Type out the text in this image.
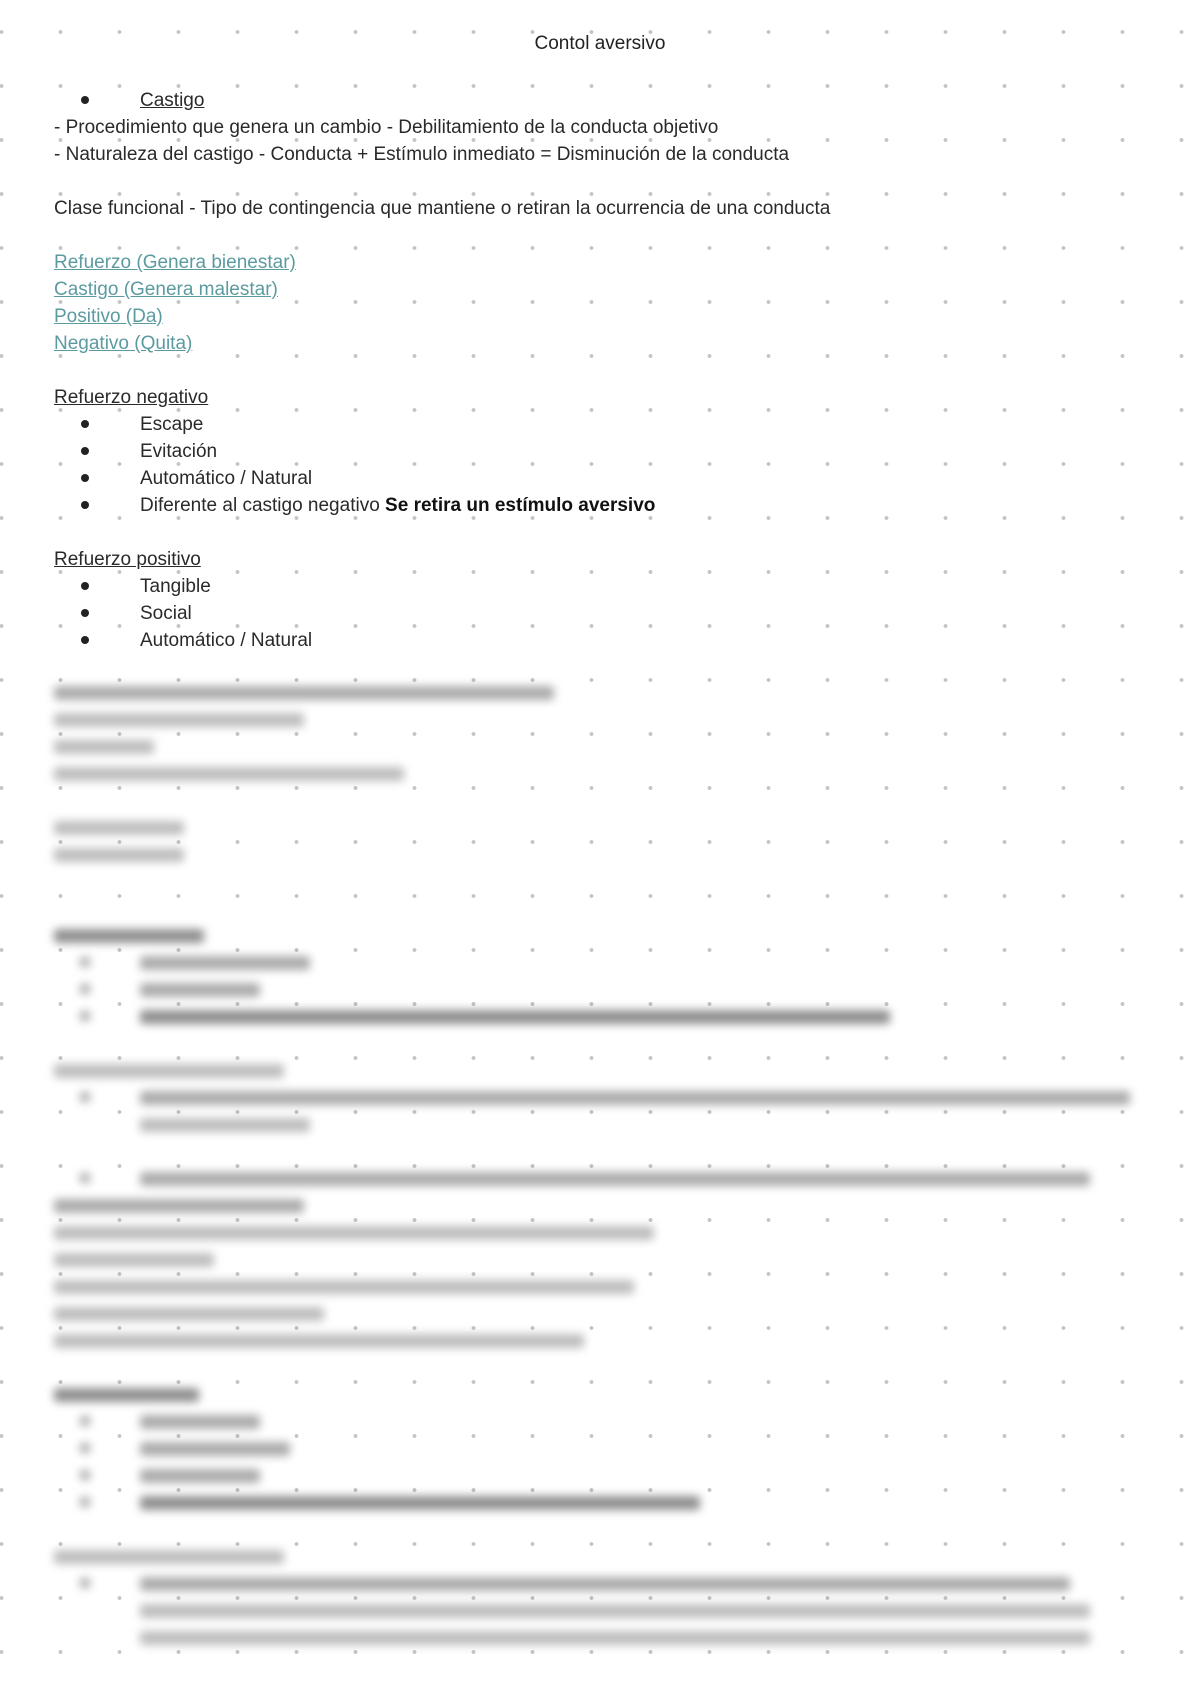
Contol aversivo
Castigo
- Procedimiento que genera un cambio - Debilitamiento de la conducta objetivo
- Naturaleza del castigo - Conducta + Estímulo inmediato = Disminución de la conducta
Clase funcional - Tipo de contingencia que mantiene o retiran la ocurrencia de una conducta
Refuerzo (Genera bienestar)
Castigo (Genera malestar)
Positivo (Da)
Negativo (Quita)
Refuerzo negativo
Escape
Evitación
Automático / Natural
Diferente al castigo negativo Se retira un estímulo aversivo
Refuerzo positivo
Tangible
Social
Automático / Natural
